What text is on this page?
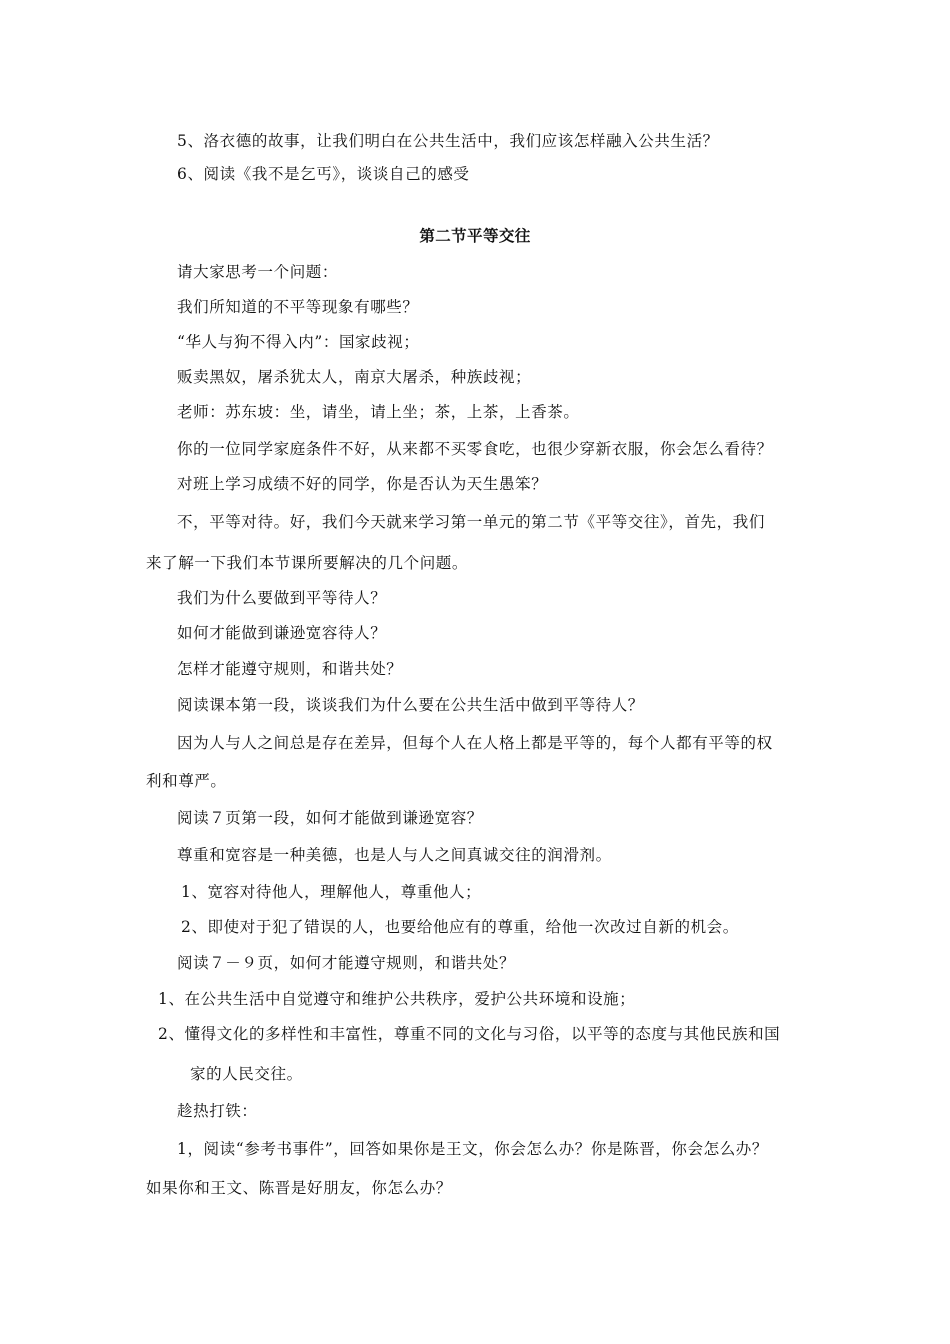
5、洛衣德的故事，让我们明白在公共生活中，我们应该怎样融入公共生活？
6、阅读《我不是乞丐》，谈谈自己的感受
第二节平等交往
请大家思考一个问题：
我们所知道的不平等现象有哪些？
“华人与狗不得入内”：国家歧视；
贩卖黑奴，屠杀犹太人，南京大屠杀，种族歧视；
老师：苏东坡：坐，请坐，请上坐；茶，上茶，上香茶。
你的一位同学家庭条件不好，从来都不买零食吃，也很少穿新衣服，你会怎么看待？
对班上学习成绩不好的同学，你是否认为天生愚笨？
不，平等对待。好，我们今天就来学习第一单元的第二节《平等交往》，首先，我们
来了解一下我们本节课所要解决的几个问题。
我们为什么要做到平等待人？
如何才能做到谦逊宽容待人？
怎样才能遵守规则，和谐共处？
阅读课本第一段，谈谈我们为什么要在公共生活中做到平等待人？
因为人与人之间总是存在差异，但每个人在人格上都是平等的，每个人都有平等的权
利和尊严。
阅读７页第一段，如何才能做到谦逊宽容？
尊重和宽容是一种美德，也是人与人之间真诚交往的润滑剂。
1、宽容对待他人，理解他人，尊重他人；
2、即使对于犯了错误的人，也要给他应有的尊重，给他一次改过自新的机会。
阅读７－９页，如何才能遵守规则，和谐共处？
1、在公共生活中自觉遵守和维护公共秩序，爱护公共环境和设施；
2、懂得文化的多样性和丰富性，尊重不同的文化与习俗，以平等的态度与其他民族和国
家的人民交往。
趁热打铁：
1，阅读“参考书事件”，回答如果你是王文，你会怎么办？你是陈晋，你会怎么办？
如果你和王文、陈晋是好朋友，你怎么办？
